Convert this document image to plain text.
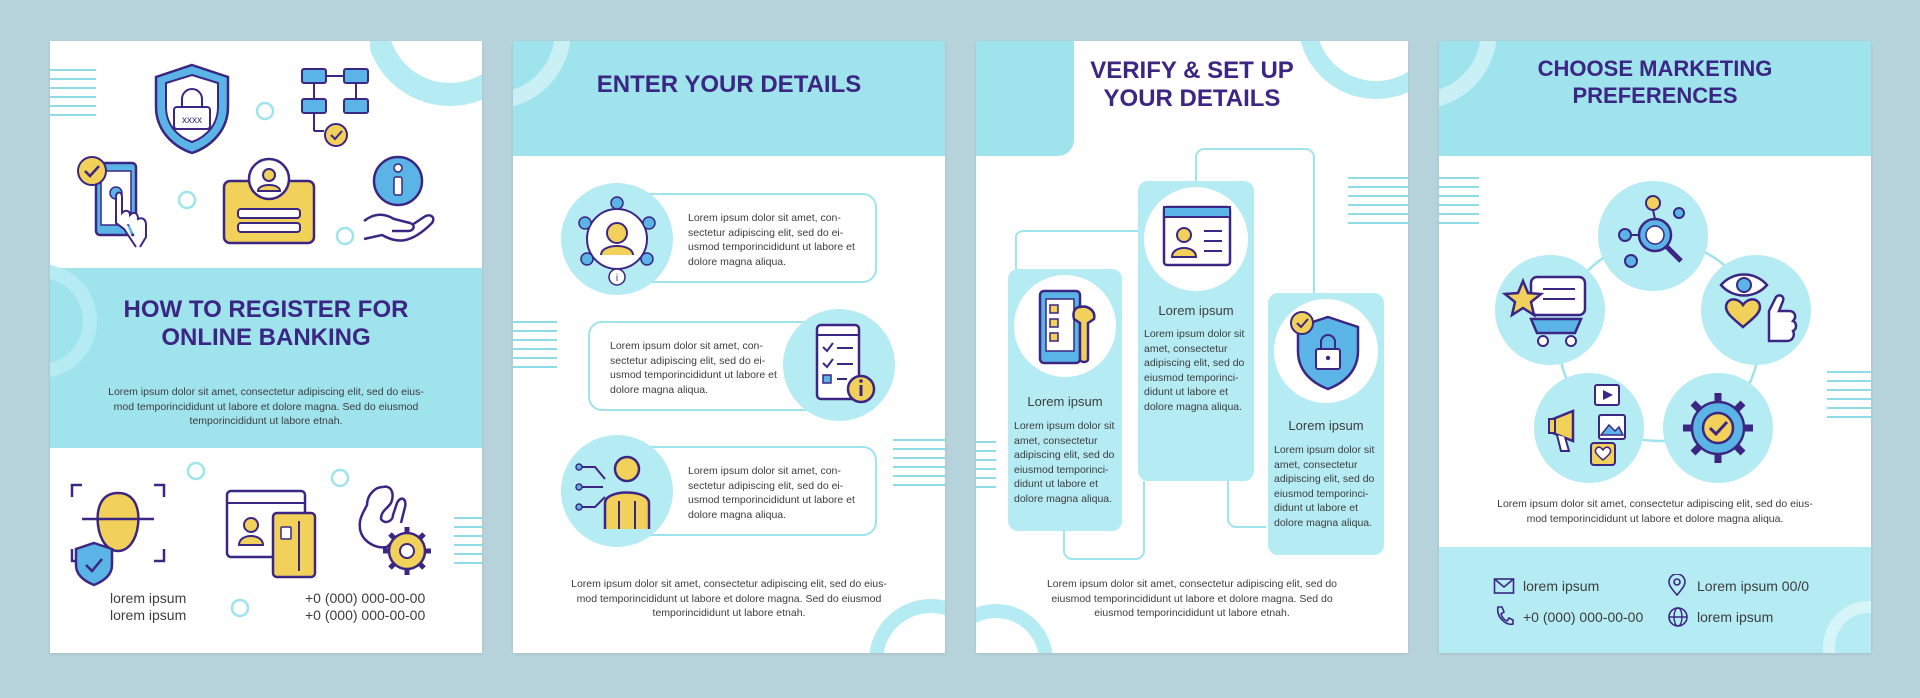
xxxx
HOW TO REGISTER FOR ONLINE BANKING
Lorem ipsum dolor sit amet, consectetur adipiscing elit, sed do eius-mod temporincididunt ut labore et dolore magna. Sed do eiusmod temporincididunt ut labore etnah.
lorem ipsum
lorem ipsum
+0 (000) 000-00-00
+0 (000) 000-00-00
ENTER YOUR DETAILS
i
Lorem ipsum dolor sit amet, con-sectetur adipiscing elit, sed do ei-usmod temporincididunt ut labore et dolore magna aliqua.
Lorem ipsum dolor sit amet, con-sectetur adipiscing elit, sed do ei-usmod temporincididunt ut labore et dolore magna aliqua.
Lorem ipsum dolor sit amet, con-sectetur adipiscing elit, sed do ei-usmod temporincididunt ut labore et dolore magna aliqua.
Lorem ipsum dolor sit amet, consectetur adipiscing elit, sed do eius-mod temporincididunt ut labore et dolore magna. Sed do eiusmod temporincididunt ut labore etnah.
VERIFY & SET UP YOUR DETAILS
Lorem ipsum
Lorem ipsum dolor sit amet, consectetur adipiscing elit, sed do eiusmod temporinci-didunt ut labore et dolore magna aliqua.
Lorem ipsum
Lorem ipsum dolor sit amet, consectetur adipiscing elit, sed do eiusmod temporinci-didunt ut labore et dolore magna aliqua.
Lorem ipsum
Lorem ipsum dolor sit amet, consectetur adipiscing elit, sed do eiusmod temporinci-didunt ut labore et dolore magna aliqua.
Lorem ipsum dolor sit amet, consectetur adipiscing elit, sed do eiusmod temporincididunt ut labore et dolore magna. Sed do eiusmod temporincididunt ut labore etnah.
CHOOSE MARKETING PREFERENCES
Lorem ipsum dolor sit amet, consectetur adipiscing elit, sed do eius-mod temporincididunt ut labore et dolore magna aliqua.
lorem ipsum	Lorem ipsum 00/0
+0 (000) 000-00-00	lorem ipsum
